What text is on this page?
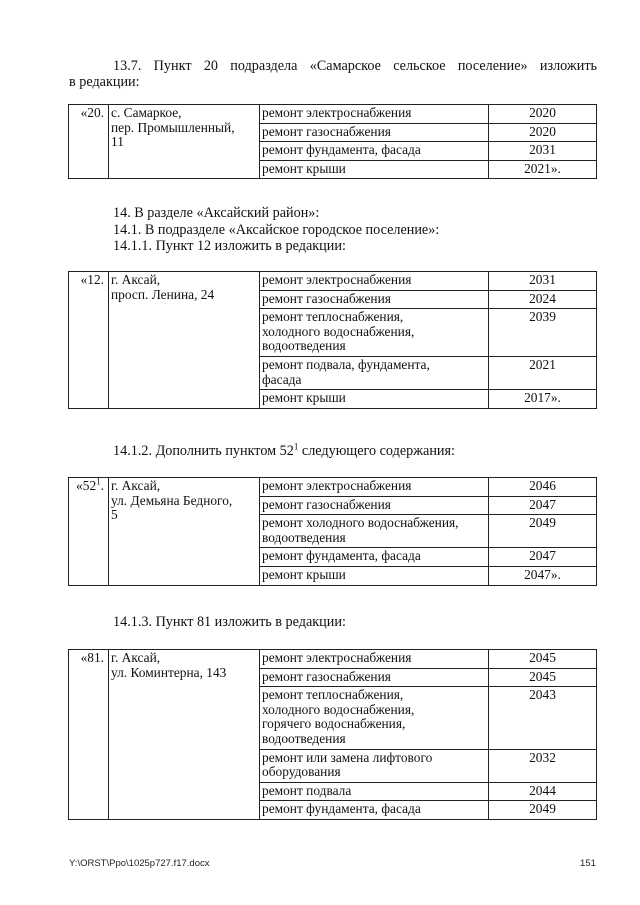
13.7. Пункт 20 подраздела «Самарское сельское поселение» изложить

в редакции:

«20.	с. Самаркое,
пер. Промышленный,
11	ремонт электроснабжения	2020
		ремонт газоснабжения	2020
		ремонт фундамента, фасада	2031
		ремонт крыши	2021».
14. В разделе «Аксайский район»:
14.1. В подразделе «Аксайское городское поселение»:
14.1.1. Пункт 12 изложить в редакции:
«12.	г. Аксай,
просп. Ленина, 24	ремонт электроснабжения	2031
		ремонт газоснабжения	2024

		ремонт теплоснабжения,
холодного водоснабжения,
водоотведения	2039

		ремонт подвала, фундамента,
фасада	2021
		ремонт крыши	2017».
14.1.2. Дополнить пунктом $52^1$ следующего содержания:
«$52^1$.	г. Аксай,
ул. Демьяна Бедного,
5	ремонт электроснабжения	2046
		ремонт газоснабжения	2047

		ремонт холодного водоснабжения,
водоотведения	2049
		ремонт фундамента, фасада	2047
		ремонт крыши	2047».
14.1.3. Пункт 81 изложить в редакции:
«81.	г. Аксай,
ул. Коминтерна, 143	ремонт электроснабжения	2045
		ремонт газоснабжения	2045

		ремонт теплоснабжения,
холодного водоснабжения,
горячего водоснабжения,
водоотведения	2043

		ремонт или замена лифтового
оборудования	2032
		ремонт подвала	2044
		ремонт фундамента, фасада	2049
Y:\ORST\Ppo\1025p727.f17.docx	151
